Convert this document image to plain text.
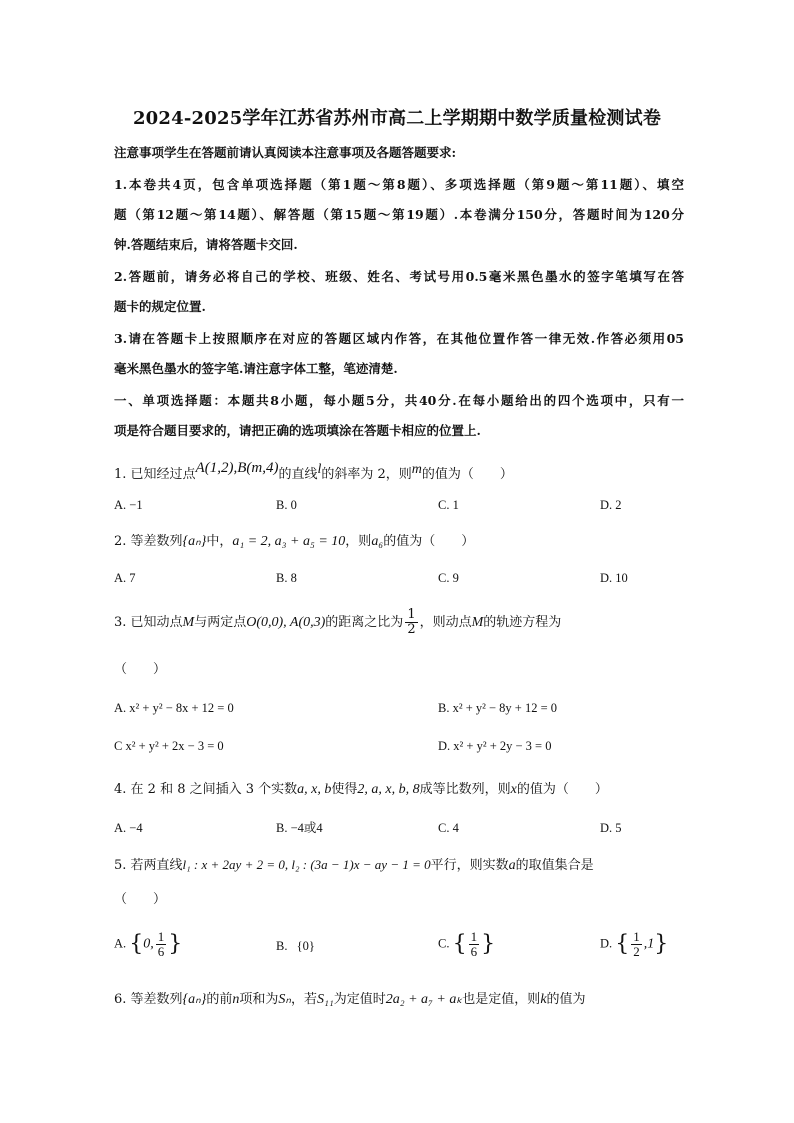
2024-2025学年江苏省苏州市高二上学期期中数学质量检测试卷
注意事项学生在答题前请认真阅读本注意事项及各题答题要求:
1.本卷共4页，包含单项选择题（第1题～第8题）、多项选择题（第9题～第11题）、填空
题（第12题～第14题）、解答题（第15题～第19题）.本卷满分150分，答题时间为120分
钟.答题结束后，请将答题卡交回.
2.答题前，请务必将自己的学校、班级、姓名、考试号用0.5毫米黑色墨水的签字笔填写在答
题卡的规定位置.
3.请在答题卡上按照顺序在对应的答题区域内作答，在其他位置作答一律无效.作答必须用05
毫米黑色墨水的签字笔.请注意字体工整，笔迹清楚.
一、单项选择题：本题共8小题，每小题5分，共40分.在每小题给出的四个选项中，只有一
项是符合题目要求的，请把正确的选项填涂在答题卡相应的位置上.
1. 已知经过点A(1,2),B(m,4)的直线l的斜率为 2，则m的值为（　　）
A. −1	B. 0	C. 1	D. 2
2. 等差数列{aₙ}中，a₁ = 2, a₃ + a₅ = 10，则a₆的值为（　　）
A. 7	B. 8	C. 9	D. 10
3. 已知动点M与两定点O(0,0), A(0,3)的距离之比为 $\frac{1}{2}$ ，则动点M的轨迹方程为
（　　）
A. x² + y² − 8x + 12 = 0	B. x² + y² − 8y + 12 = 0
C x² + y² + 2x − 3 = 0	D. x² + y² + 2y − 3 = 0
4. 在 2 和 8 之间插入 3 个实数a, x, b使得2, a, x, b, 8成等比数列，则x的值为（　　）
A. −4	B. −4或4	C. 4	D. 5
5. 若两直线l₁ : x + 2ay + 2 = 0, l₂ : (3a − 1)x − ay − 1 = 0平行，则实数a的取值集合是
（　　）
A. {0, $\frac{1}{6}$ }	B. {0}	C. { $\frac{1}{6}$ }	D. { $\frac{1}{2} ,1$}
6. 等差数列{aₙ}的前n项和为Sₙ，若S₁₁为定值时2a₂ + a₇ + aₖ也是定值，则k的值为
